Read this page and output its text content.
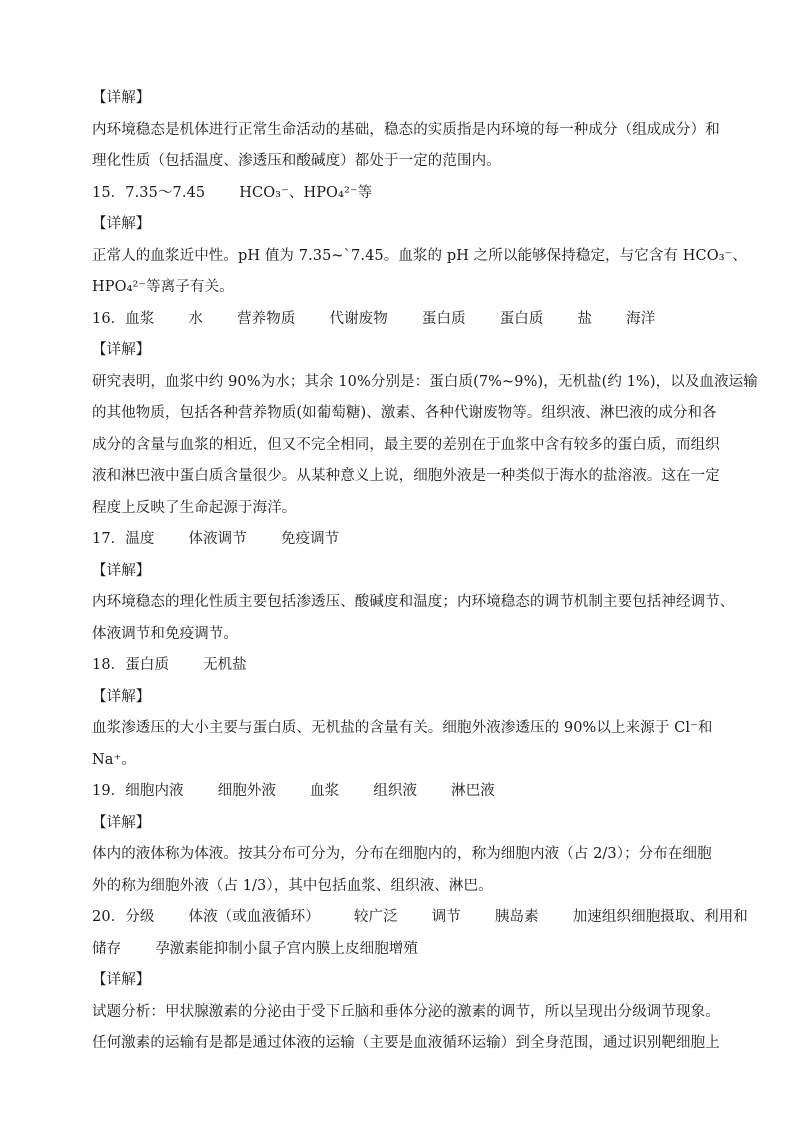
【详解】
内环境稳态是机体进行正常生命活动的基础，稳态的实质指是内环境的每一种成分（组成成分）和
理化性质（包括温度、渗透压和酸碱度）都处于一定的范围内。
15．7.35～7.45 HCO₃⁻、HPO₄²⁻等
【详解】
正常人的血浆近中性。pH 值为 7.35~`7.45。血浆的 pH 之所以能够保持稳定，与它含有 HCO₃⁻、
HPO₄²⁻等离子有关。
16．血浆 水 营养物质 代谢废物 蛋白质 蛋白质 盐 海洋
【详解】
研究表明，血浆中约 90%为水；其余 10%分别是：蛋白质(7%~9%)，无机盐(约 1%)，以及血液运输
的其他物质，包括各种营养物质(如葡萄糖)、激素、各种代谢废物等。组织液、淋巴液的成分和各
成分的含量与血浆的相近，但又不完全相同，最主要的差别在于血浆中含有较多的蛋白质，而组织
液和淋巴液中蛋白质含量很少。从某种意义上说，细胞外液是一种类似于海水的盐溶液。这在一定
程度上反映了生命起源于海洋。
17．温度 体液调节 免疫调节
【详解】
内环境稳态的理化性质主要包括渗透压、酸碱度和温度；内环境稳态的调节机制主要包括神经调节、
体液调节和免疫调节。
18．蛋白质 无机盐
【详解】
血浆渗透压的大小主要与蛋白质、无机盐的含量有关。细胞外液渗透压的 90%以上来源于 Cl⁻和
Na⁺。
19．细胞内液 细胞外液 血浆 组织液 淋巴液
【详解】
体内的液体称为体液。按其分布可分为，分布在细胞内的，称为细胞内液（占 2/3）；分布在细胞
外的称为细胞外液（占 1/3），其中包括血浆、组织液、淋巴。
20．分级 体液（或血液循环） 较广泛 调节 胰岛素 加速组织细胞摄取、利用和
储存 孕激素能抑制小鼠子宫内膜上皮细胞增殖
【详解】
试题分析：甲状腺激素的分泌由于受下丘脑和垂体分泌的激素的调节，所以呈现出分级调节现象。
任何激素的运输有是都是通过体液的运输（主要是血液循环运输）到全身范围，通过识别靶细胞上
